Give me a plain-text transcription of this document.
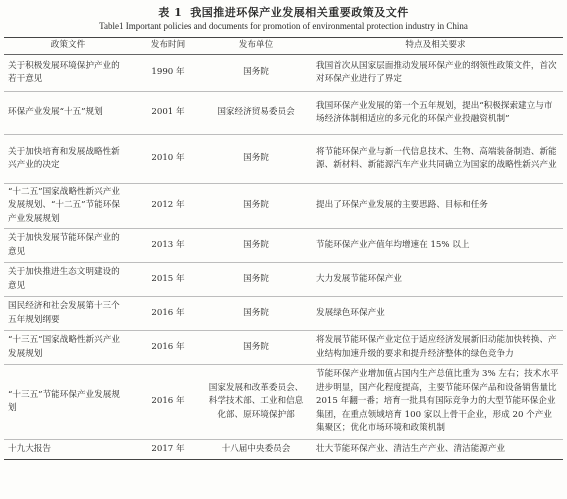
表 1 我国推进环保产业发展相关重要政策及文件
Table1 Important policies and documents for promotion of environmental protection industry in China
政策文件	发布时间	发布单位	特点及相关要求
关于积极发展环境保护产业的若干意见	1990 年	国务院	我国首次从国家层面推动发展环保产业的纲领性政策文件，首次对环保产业进行了界定
环保产业发展“十五”规划	2001 年	国家经济贸易委员会	我国环保产业发展的第一个五年规划，提出“积极探索建立与市场经济体制相适应的多元化的环保产业投融资机制”
关于加快培育和发展战略性新兴产业的决定	2010 年	国务院	将节能环保产业与新一代信息技术、生物、高端装备制造、新能源、新材料、新能源汽车产业共同确立为国家的战略性新兴产业
“十二五”国家战略性新兴产业发展规划、“十二五”节能环保产业发展规划	2012 年	国务院	提出了环保产业发展的主要思路、目标和任务
关于加快发展节能环保产业的意见	2013 年	国务院	节能环保产业产值年均增速在 15% 以上
关于加快推进生态文明建设的意见	2015 年	国务院	大力发展节能环保产业
国民经济和社会发展第十三个五年规划纲要	2016 年	国务院	发展绿色环保产业
“十三五”国家战略性新兴产业发展规划	2016 年	国务院	将发展节能环保产业定位于适应经济发展新旧动能加快转换、产业结构加速升级的要求和提升经济整体的绿色竞争力
“十三五”节能环保产业发展规划	2016 年	国家发展和改革委员会、科学技术部、工业和信息化部、原环境保护部	节能环保产业增加值占国内生产总值比重为 3% 左右；技术水平进步明显，国产化程度提高，主要节能环保产品和设备销售量比 2015 年翻一番；培育一批具有国际竞争力的大型节能环保企业集团，在重点领域培育 100 家以上骨干企业，形成 20 个产业集聚区；优化市场环境和政策机制
十九大报告	2017 年	十八届中央委员会	壮大节能环保产业、清洁生产产业、清洁能源产业
